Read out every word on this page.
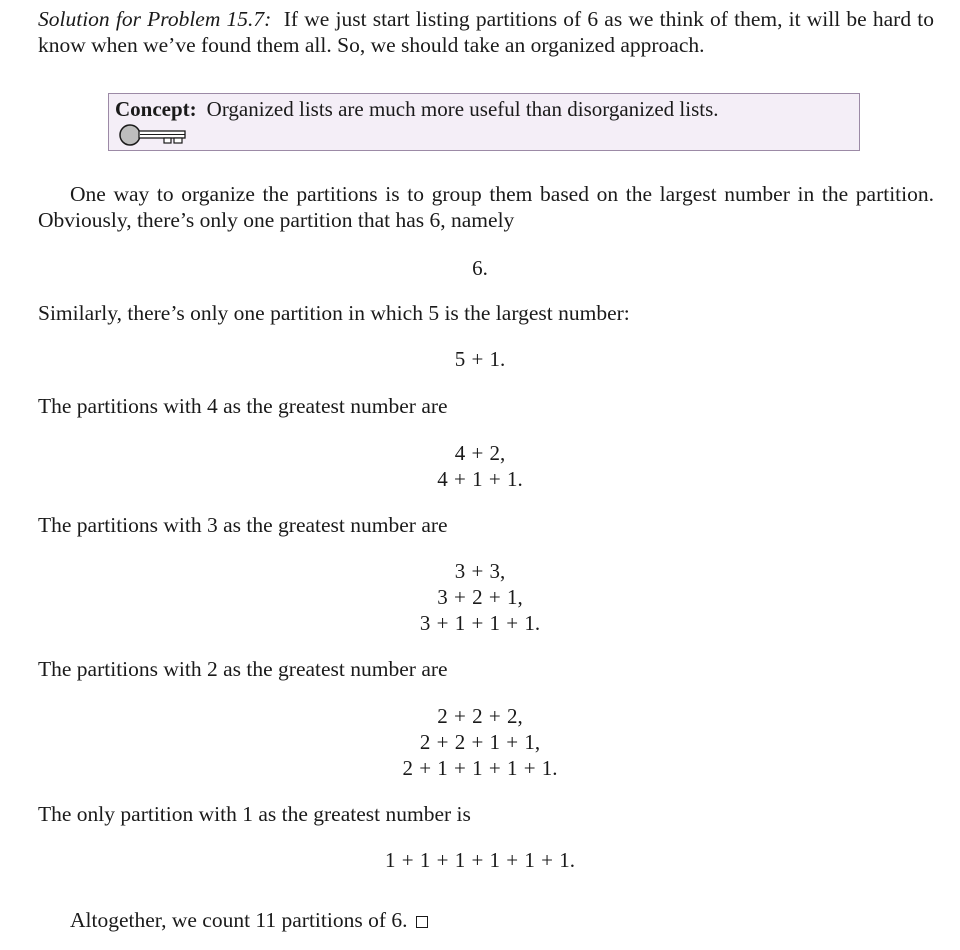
Solution for Problem 15.7: If we just start listing partitions of 6 as we think of them, it will be hard to know when we’ve found them all. So, we should take an organized approach.
Concept: Organized lists are much more useful than disorganized lists.
One way to organize the partitions is to group them based on the largest number in the partition. Obviously, there’s only one partition that has 6, namely
6.
Similarly, there’s only one partition in which 5 is the largest number:
5 + 1.
The partitions with 4 as the greatest number are
4 + 2,
4 + 1 + 1.
The partitions with 3 as the greatest number are
3 + 3,
3 + 2 + 1,
3 + 1 + 1 + 1.
The partitions with 2 as the greatest number are
2 + 2 + 2,
2 + 2 + 1 + 1,
2 + 1 + 1 + 1 + 1.
The only partition with 1 as the greatest number is
1 + 1 + 1 + 1 + 1 + 1.
Altogether, we count 11 partitions of 6.
